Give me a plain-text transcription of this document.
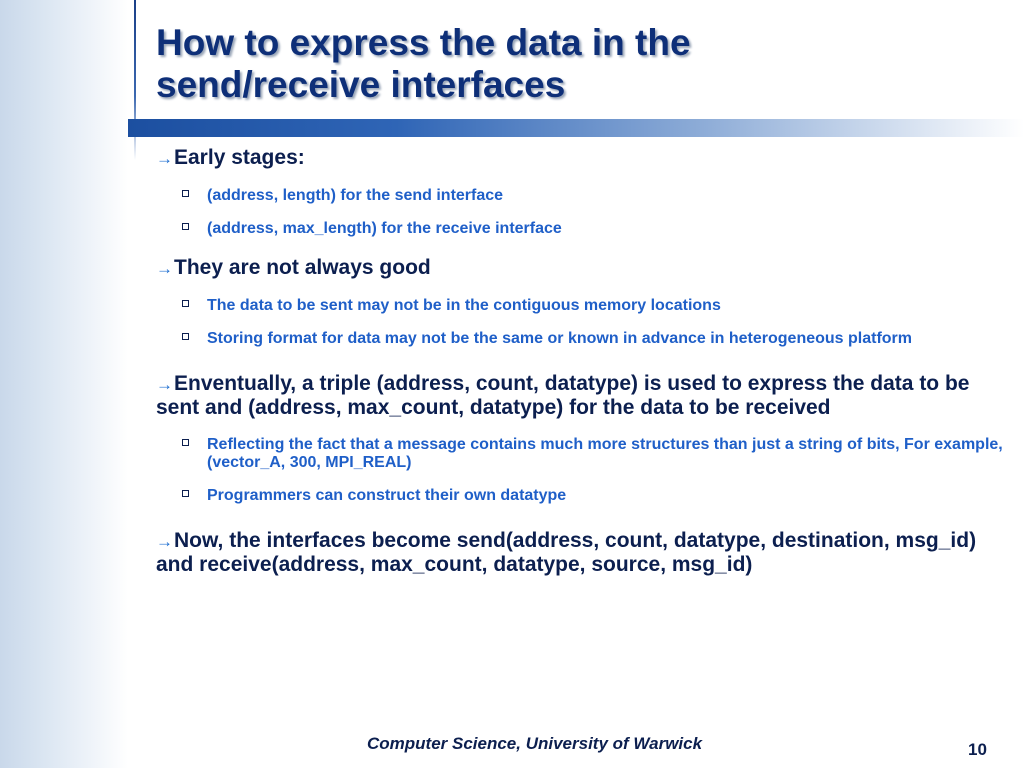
How to express the data in the
send/receive interfaces

→Early stages:

(address, length) for the send interface
(address, max_length) for the receive interface

→They are not always good

The data to be sent may not be in the contiguous memory locations
Storing format for data may not be the same or known in advance in heterogeneous platform

→Enventually, a triple (address, count, datatype) is used to express the data to be sent and (address, max_count, datatype) for the data to be received

Reflecting the fact that a message contains much more structures than just a string of bits, For example, (vector_A, 300, MPI_REAL)
Programmers can construct their own datatype

→Now, the interfaces become send(address, count, datatype, destination, msg_id) and receive(address, max_count, datatype, source, msg_id)

Computer Science, University of Warwick	10
